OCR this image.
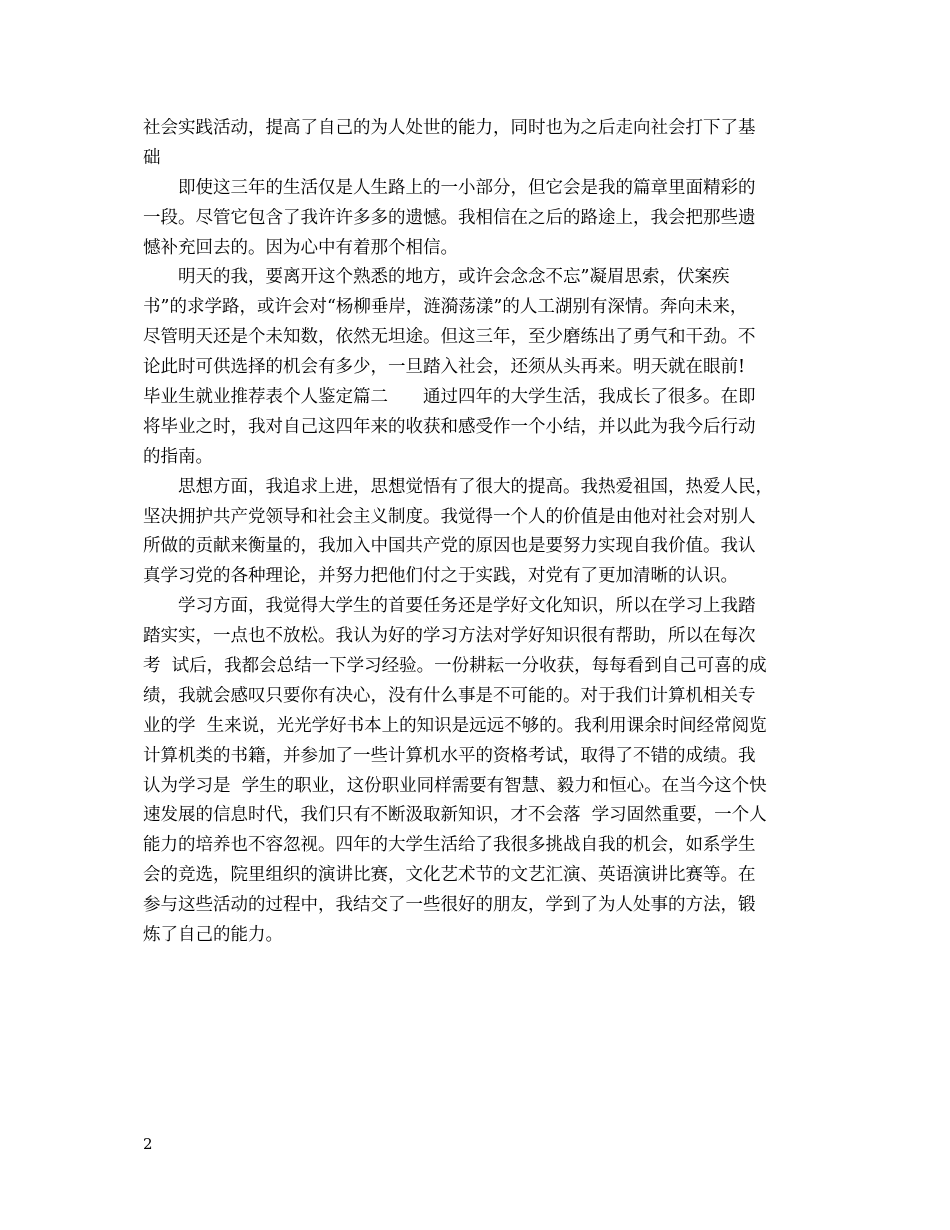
社会实践活动，提高了自己的为人处世的能力，同时也为之后走向社会打下了基
础
即使这三年的生活仅是人生路上的一小部分，但它会是我的篇章里面精彩的
一段。尽管它包含了我许许多多的遗憾。我相信在之后的路途上，我会把那些遗
憾补充回去的。因为心中有着那个相信。
明天的我，要离开这个熟悉的地方，或许会念念不忘”凝眉思索，伏案疾
书”的求学路，或许会对“杨柳垂岸，涟漪荡漾”的人工湖别有深情。奔向未来，
尽管明天还是个未知数，依然无坦途。但这三年，至少磨练出了勇气和干劲。不
论此时可供选择的机会有多少，一旦踏入社会，还须从头再来。明天就在眼前!
毕业生就业推荐表个人鉴定篇二　　通过四年的大学生活，我成长了很多。在即
将毕业之时，我对自己这四年来的收获和感受作一个小结，并以此为我今后行动
的指南。
思想方面，我追求上进，思想觉悟有了很大的提高。我热爱祖国，热爱人民，
坚决拥护共产党领导和社会主义制度。我觉得一个人的价值是由他对社会对别人
所做的贡献来衡量的，我加入中国共产党的原因也是要努力实现自我价值。我认
真学习党的各种理论，并努力把他们付之于实践，对党有了更加清晰的认识。
学习方面，我觉得大学生的首要任务还是学好文化知识，所以在学习上我踏
踏实实，一点也不放松。我认为好的学习方法对学好知识很有帮助，所以在每次
考  试后，我都会总结一下学习经验。一份耕耘一分收获，每每看到自己可喜的成
绩，我就会感叹只要你有决心，没有什么事是不可能的。对于我们计算机相关专
业的学  生来说，光光学好书本上的知识是远远不够的。我利用课余时间经常阅览
计算机类的书籍，并参加了一些计算机水平的资格考试，取得了不错的成绩。我
认为学习是  学生的职业，这份职业同样需要有智慧、毅力和恒心。在当今这个快
速发展的信息时代，我们只有不断汲取新知识，才不会落  学习固然重要，一个人
能力的培养也不容忽视。四年的大学生活给了我很多挑战自我的机会，如系学生
会的竞选，院里组织的演讲比赛，文化艺术节的文艺汇演、英语演讲比赛等。在
参与这些活动的过程中，我结交了一些很好的朋友，学到了为人处事的方法，锻
炼了自己的能力。
2
